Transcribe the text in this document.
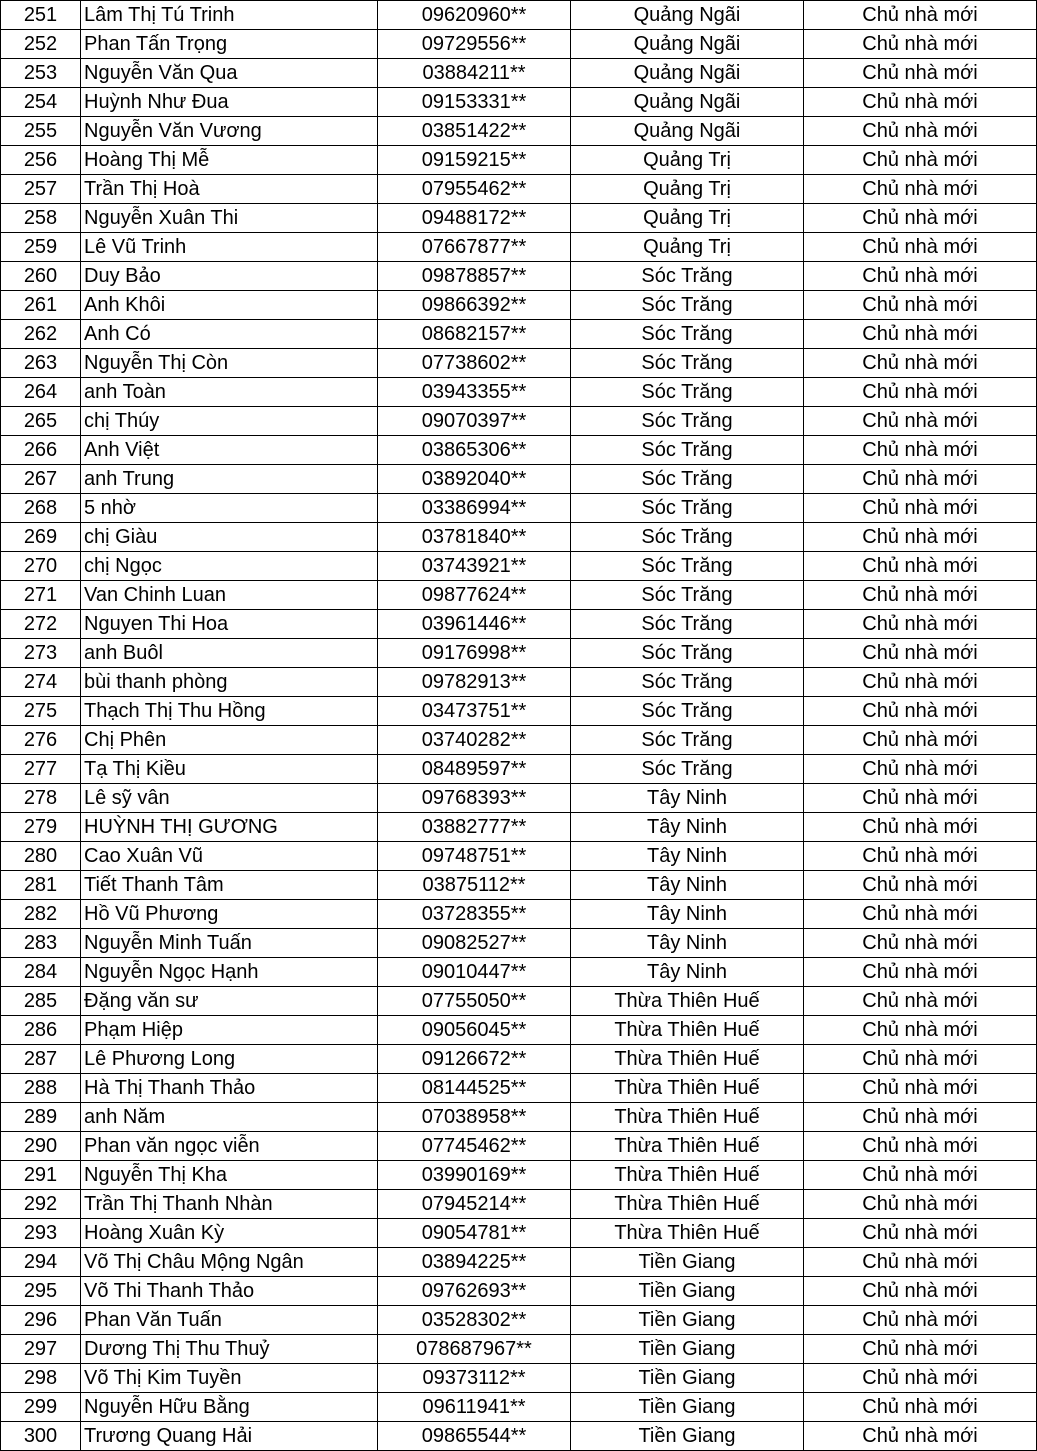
251	Lâm Thị Tú Trinh	09620960**	Quảng Ngãi	Chủ nhà mới
252	Phan Tấn Trọng	09729556**	Quảng Ngãi	Chủ nhà mới
253	Nguyễn Văn Qua	03884211**	Quảng Ngãi	Chủ nhà mới
254	Huỳnh Như Đua	09153331**	Quảng Ngãi	Chủ nhà mới
255	Nguyễn Văn Vương	03851422**	Quảng Ngãi	Chủ nhà mới
256	Hoàng Thị Mễ	09159215**	Quảng Trị	Chủ nhà mới
257	Trần Thị Hoà	07955462**	Quảng Trị	Chủ nhà mới
258	Nguyễn Xuân Thi	09488172**	Quảng Trị	Chủ nhà mới
259	Lê Vũ Trinh	07667877**	Quảng Trị	Chủ nhà mới
260	Duy Bảo	09878857**	Sóc Trăng	Chủ nhà mới
261	Anh Khôi	09866392**	Sóc Trăng	Chủ nhà mới
262	Anh Có	08682157**	Sóc Trăng	Chủ nhà mới
263	Nguyễn Thị Còn	07738602**	Sóc Trăng	Chủ nhà mới
264	anh Toàn	03943355**	Sóc Trăng	Chủ nhà mới
265	chị Thúy	09070397**	Sóc Trăng	Chủ nhà mới
266	Anh Việt	03865306**	Sóc Trăng	Chủ nhà mới
267	anh Trung	03892040**	Sóc Trăng	Chủ nhà mới
268	5 nhờ	03386994**	Sóc Trăng	Chủ nhà mới
269	chị Giàu	03781840**	Sóc Trăng	Chủ nhà mới
270	chị Ngọc	03743921**	Sóc Trăng	Chủ nhà mới
271	Van Chinh Luan	09877624**	Sóc Trăng	Chủ nhà mới
272	Nguyen Thi Hoa	03961446**	Sóc Trăng	Chủ nhà mới
273	anh Buôl	09176998**	Sóc Trăng	Chủ nhà mới
274	bùi thanh phòng	09782913**	Sóc Trăng	Chủ nhà mới
275	Thạch Thị Thu Hồng	03473751**	Sóc Trăng	Chủ nhà mới
276	Chị Phên	03740282**	Sóc Trăng	Chủ nhà mới
277	Tạ Thị Kiều	08489597**	Sóc Trăng	Chủ nhà mới
278	Lê sỹ vân	09768393**	Tây Ninh	Chủ nhà mới
279	HUỲNH THỊ GƯƠNG	03882777**	Tây Ninh	Chủ nhà mới
280	Cao Xuân Vũ	09748751**	Tây Ninh	Chủ nhà mới
281	Tiết Thanh Tâm	03875112**	Tây Ninh	Chủ nhà mới
282	Hồ Vũ Phương	03728355**	Tây Ninh	Chủ nhà mới
283	Nguyễn Minh Tuấn	09082527**	Tây Ninh	Chủ nhà mới
284	Nguyễn Ngọc Hạnh	09010447**	Tây Ninh	Chủ nhà mới
285	Đặng văn sư	07755050**	Thừa Thiên Huế	Chủ nhà mới
286	Phạm Hiệp	09056045**	Thừa Thiên Huế	Chủ nhà mới
287	Lê Phương Long	09126672**	Thừa Thiên Huế	Chủ nhà mới
288	Hà Thị Thanh Thảo	08144525**	Thừa Thiên Huế	Chủ nhà mới
289	anh Năm	07038958**	Thừa Thiên Huế	Chủ nhà mới
290	Phan văn ngọc viễn	07745462**	Thừa Thiên Huế	Chủ nhà mới
291	Nguyễn Thị Kha	03990169**	Thừa Thiên Huế	Chủ nhà mới
292	Trần Thị Thanh Nhàn	07945214**	Thừa Thiên Huế	Chủ nhà mới
293	Hoàng Xuân Kỳ	09054781**	Thừa Thiên Huế	Chủ nhà mới
294	Võ Thị Châu Mộng Ngân	03894225**	Tiền Giang	Chủ nhà mới
295	Võ Thi Thanh Thảo	09762693**	Tiền Giang	Chủ nhà mới
296	Phan Văn Tuấn	03528302**	Tiền Giang	Chủ nhà mới
297	Dương Thị Thu Thuỷ	078687967**	Tiền Giang	Chủ nhà mới
298	Võ Thị Kim Tuyền	09373112**	Tiền Giang	Chủ nhà mới
299	Nguyễn Hữu Bằng	09611941**	Tiền Giang	Chủ nhà mới
300	Trương Quang Hải	09865544**	Tiền Giang	Chủ nhà mới
